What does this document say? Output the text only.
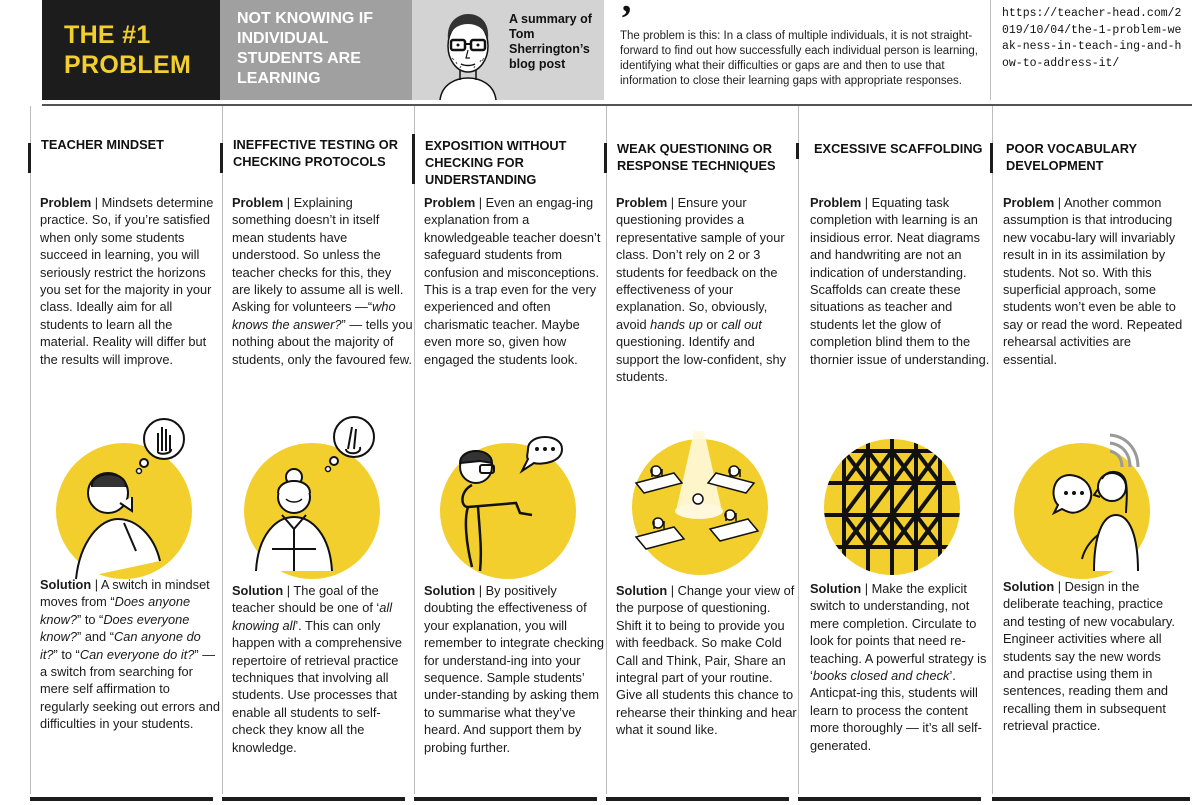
THE #1
PROBLEM
NOT KNOWING IF INDIVIDUAL STUDENTS ARE LEARNING
A summary of Tom Sherrington’s blog post
’
The problem is this: In a class of multiple individuals, it is not straight-forward to find out how successfully each individual person is learning, identifying what their difficulties or gaps are and then to use that information to close their learning gaps with appropriate responses.
https://teacher-head.com/2019/10/04/the-1-problem-weak-ness-in-teach-ing-and-how-to-address-it/
TEACHER MINDSET
Problem | Mindsets determine practice. So, if you’re satisfied when only some students succeed in learning, you will seriously restrict the horizons you set for the majority in your class. Ideally aim for all students to learn all the material. Reality will differ but the results will improve.
Solution | A switch in mindset moves from “Does anyone know?” to “Does everyone know?” and “Can anyone do it?” to “Can everyone do it?” — a switch from searching for mere self affirmation to regularly seeking out errors and difficulties in your students.
INEFFECTIVE TESTING OR CHECKING PROTOCOLS
Problem | Explaining something doesn’t in itself mean students have understood. So unless the teacher checks for this, they are likely to assume all is well. Asking for volunteers —“who knows the answer?” — tells you nothing about the majority of students, only the favoured few.
Solution | The goal of the teacher should be one of ‘all knowing all’. This can only happen with a comprehensive repertoire of retrieval practice techniques that involving all students. Use processes that enable all students to self-check they know all the knowledge.
EXPOSITION WITHOUT CHECKING FOR UNDERSTANDING
Problem | Even an engag-ing explanation from a knowledgeable teacher doesn’t safeguard students from confusion and misconceptions. This is a trap even for the very experienced and often charismatic teacher. Maybe even more so, given how engaged the students look.
Solution | By positively doubting the effectiveness of your explanation, you will remember to integrate checking for understand-ing into your sequence. Sample students’ under-standing by asking them to summarise what they’ve heard. And support them by probing further.
WEAK QUESTIONING OR RESPONSE TECHNIQUES
Problem | Ensure your questioning provides a representative sample of your class. Don’t rely on 2 or 3 students for feedback on the effectiveness of your explanation. So, obviously, avoid hands up or call out questioning. Identify and support the low-confident, shy students.
Solution | Change your view of the purpose of questioning. Shift it to being to provide you with feedback. So make Cold Call and Think, Pair, Share an integral part of your routine. Give all students this chance to rehearse their thinking and hear what it sound like.
EXCESSIVE SCAFFOLDING
Problem | Equating task completion with learning is an insidious error. Neat diagrams and handwriting are not an indication of understanding. Scaffolds can create these situations as teacher and students let the glow of completion blind them to the thornier issue of understanding.
Solution | Make the explicit switch to understanding, not mere completion. Circulate to look for points that need re-teaching. A powerful strategy is ‘books closed and check’. Anticpat-ing this, students will learn to process the content more thoroughly — it’s all self-generated.
POOR VOCABULARY DEVELOPMENT
Problem | Another common assumption is that introducing new vocabu-lary will invariably result in in its assimilation by students. Not so. With this superficial approach, some students won’t even be able to say or read the word. Repeated rehearsal activities are essential.
Solution | Design in the deliberate teaching, practice and testing of new vocabulary. Engineer activities where all students say the new words and practise using them in sentences, reading them and recalling them in subsequent retrieval practice.
